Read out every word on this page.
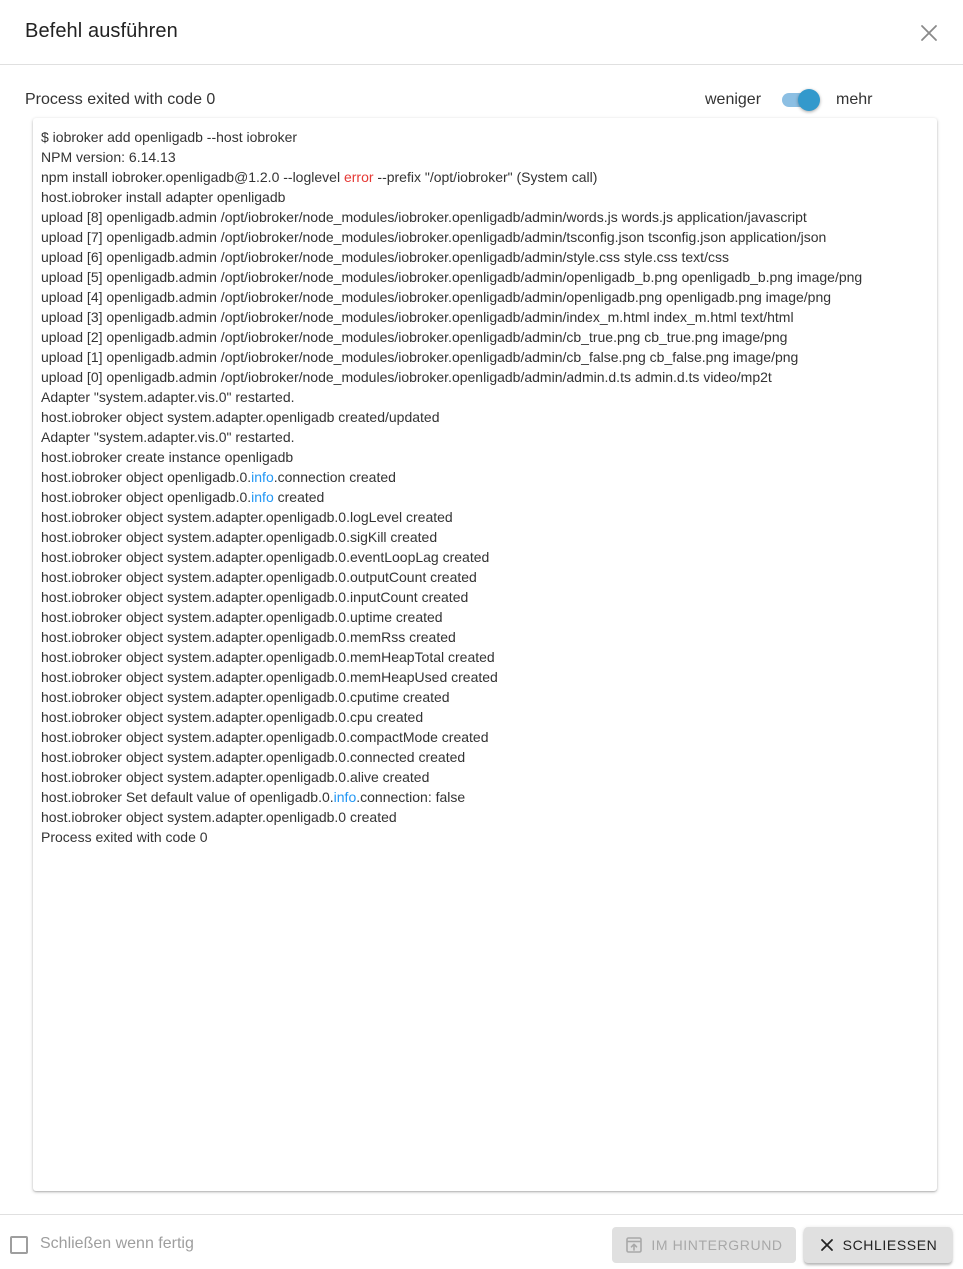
Befehl ausführen
Process exited with code 0	weniger	mehr
$ iobroker add openligadb --host iobroker
NPM version: 6.14.13
npm install iobroker.openligadb@1.2.0 --loglevel error --prefix "/opt/iobroker" (System call)
host.iobroker install adapter openligadb
upload [8] openligadb.admin /opt/iobroker/node_modules/iobroker.openligadb/admin/words.js words.js application/javascript
upload [7] openligadb.admin /opt/iobroker/node_modules/iobroker.openligadb/admin/tsconfig.json tsconfig.json application/json
upload [6] openligadb.admin /opt/iobroker/node_modules/iobroker.openligadb/admin/style.css style.css text/css
upload [5] openligadb.admin /opt/iobroker/node_modules/iobroker.openligadb/admin/openligadb_b.png openligadb_b.png image/png
upload [4] openligadb.admin /opt/iobroker/node_modules/iobroker.openligadb/admin/openligadb.png openligadb.png image/png
upload [3] openligadb.admin /opt/iobroker/node_modules/iobroker.openligadb/admin/index_m.html index_m.html text/html
upload [2] openligadb.admin /opt/iobroker/node_modules/iobroker.openligadb/admin/cb_true.png cb_true.png image/png
upload [1] openligadb.admin /opt/iobroker/node_modules/iobroker.openligadb/admin/cb_false.png cb_false.png image/png
upload [0] openligadb.admin /opt/iobroker/node_modules/iobroker.openligadb/admin/admin.d.ts admin.d.ts video/mp2t
Adapter "system.adapter.vis.0" restarted.
host.iobroker object system.adapter.openligadb created/updated
Adapter "system.adapter.vis.0" restarted.
host.iobroker create instance openligadb
host.iobroker object openligadb.0.info.connection created
host.iobroker object openligadb.0.info created
host.iobroker object system.adapter.openligadb.0.logLevel created
host.iobroker object system.adapter.openligadb.0.sigKill created
host.iobroker object system.adapter.openligadb.0.eventLoopLag created
host.iobroker object system.adapter.openligadb.0.outputCount created
host.iobroker object system.adapter.openligadb.0.inputCount created
host.iobroker object system.adapter.openligadb.0.uptime created
host.iobroker object system.adapter.openligadb.0.memRss created
host.iobroker object system.adapter.openligadb.0.memHeapTotal created
host.iobroker object system.adapter.openligadb.0.memHeapUsed created
host.iobroker object system.adapter.openligadb.0.cputime created
host.iobroker object system.adapter.openligadb.0.cpu created
host.iobroker object system.adapter.openligadb.0.compactMode created
host.iobroker object system.adapter.openligadb.0.connected created
host.iobroker object system.adapter.openligadb.0.alive created
host.iobroker Set default value of openligadb.0.info.connection: false
host.iobroker object system.adapter.openligadb.0 created
Process exited with code 0
Schließen wenn fertig	IM HINTERGRUND	SCHLIESSEN
